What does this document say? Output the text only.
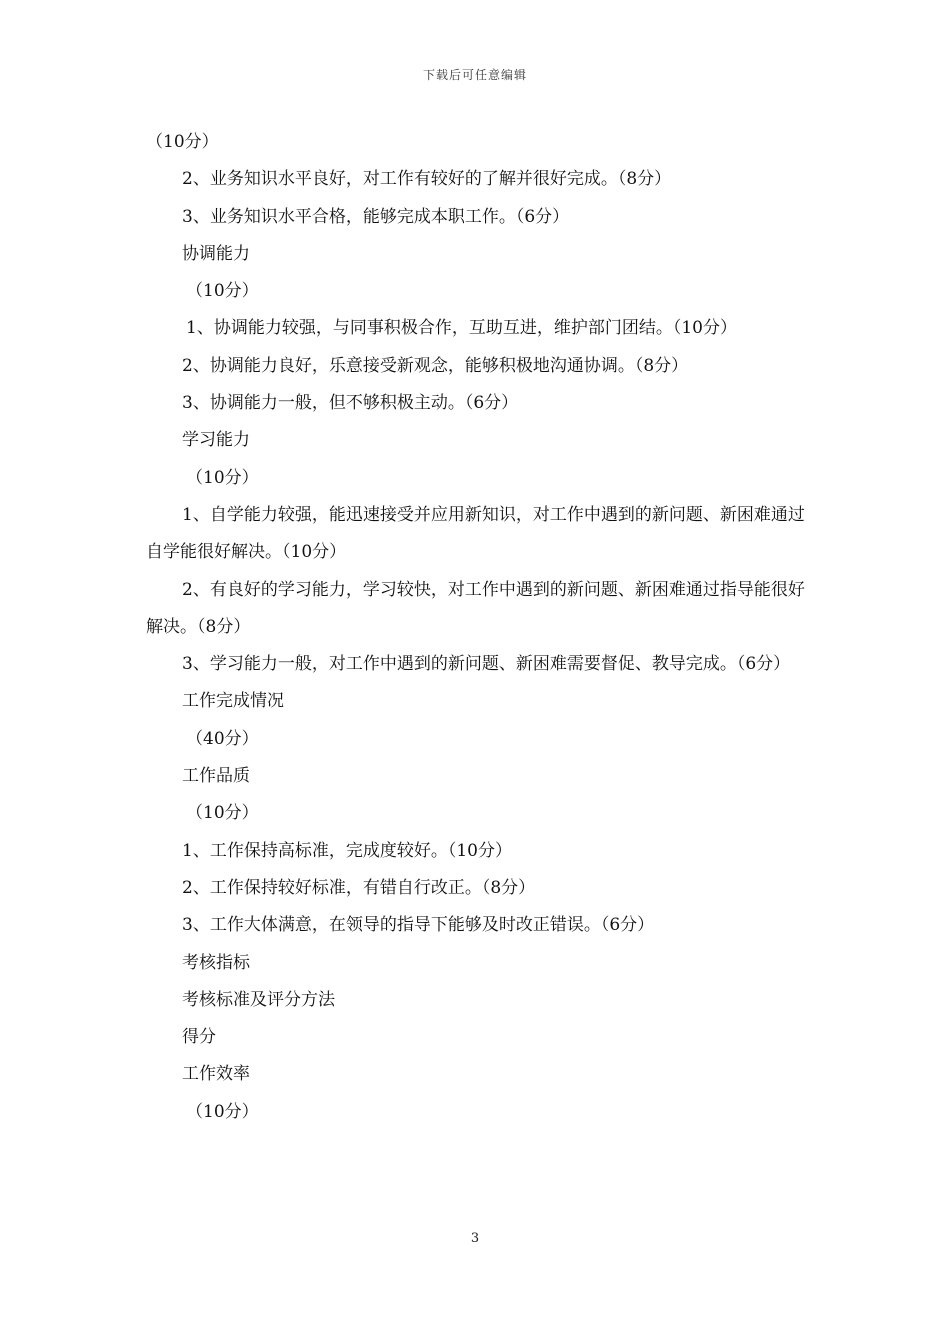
下载后可任意编辑

（10分）

2、业务知识水平良好，对工作有较好的了解并很好完成。（8分）

3、业务知识水平合格，能够完成本职工作。（6分）

协调能力

（10分）

1、协调能力较强，与同事积极合作，互助互进，维护部门团结。（10分）

2、协调能力良好，乐意接受新观念，能够积极地沟通协调。（8分）

3、协调能力一般，但不够积极主动。（6分）

学习能力

（10分）

1、自学能力较强，能迅速接受并应用新知识，对工作中遇到的新问题、新困难通过自学能很好解决。（10分）

2、有良好的学习能力，学习较快，对工作中遇到的新问题、新困难通过指导能很好解决。（8分）

3、学习能力一般，对工作中遇到的新问题、新困难需要督促、教导完成。（6分）

工作完成情况

（40分）

工作品质

（10分）

1、工作保持高标准，完成度较好。（10分）

2、工作保持较好标准，有错自行改正。（8分）

3、工作大体满意，在领导的指导下能够及时改正错误。（6分）

考核指标

考核标准及评分方法

得分

工作效率

（10分）

3
